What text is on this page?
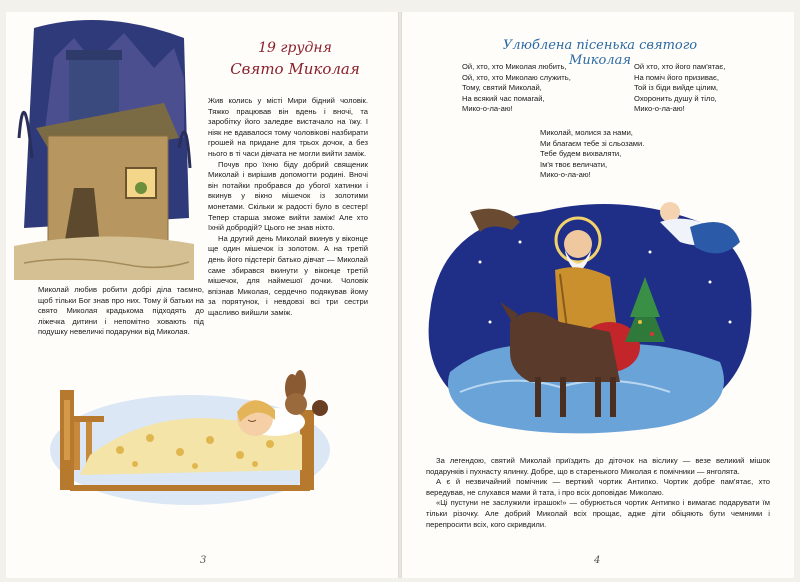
19 грудня
Свято Миколая

Жив колись у місті Мири бідний чоловік. Тяжко працював він вдень і вночі, та заробітку його заледве вистачало на їжу. І ніяк не вдавалося тому чоловікові назбирати грошей на придане для трьох дочок, а без нього в ті часи дівчата не могли вийти заміж.

Почув про їхню біду добрий священик Миколай і вирішив допомогти родині. Вночі він потайки пробрався до убогої хатинки і вкинув у вікно мішечок із золотими монетами. Скільки ж радості було в сестер! Тепер старша зможе вийти заміж! Але хто їхній добродій? Цього не знав ніхто.

На другий день Миколай вкинув у віконце ще один мішечок із золотом. А на третій день його підстеріг батько дівчат — Миколай саме збирався вкинути у віконце третій мішечок, для наймешої дочки. Чоловік впізнав Миколая, сердечно подякував йому за порятунок, і невдовзі всі три сестри щасливо вийшли заміж.

Миколай любив робити добрі діла таємно, щоб тільки Бог знав про них. Тому й батьки на свято Миколая крадькома підходять до ліжечка дитини і непомітно ховають під подушку невеличкі подарунки від Миколая.
3
Улюблена пісенька святого Миколая
Ой, хто, хто Миколая любить,
Ой, хто, хто Миколаю служить,
Тому, святий Миколай,
На всякий час помагай,
Мико-о-ла-аю!
Ой хто, хто його пам'ятає,
На поміч його призиває,
Той із біди вийде цілим,
Охоронить душу й тіло,
Мико-о-ла-аю!
Миколай, молися за нами,
Ми благаєм тебе зі сльозами.
Тебе будем вихваляти,
Ім'я твоє величати,
Мико-о-ла-аю!

За легендою, святий Миколай приїздить до діточок на віслику — везе великий мішок подарунків і пухнасту ялинку. Добре, що в старенького Миколая є помічники — янголята.

А є й незвичайний помічник — верткий чортик Антипко. Чортик добре пам'ятає, хто вередував, не слухався мами й тата, і про всіх доповідає Миколаю.

«Ці пустуни не заслужили іграшок!» — обурюється чортик Антипко і вимагає подарувати їм тільки різочку. Але добрий Миколай всіх прощає, адже діти обіцяють бути чемними і перепросити всіх, кого скривдили.

4
